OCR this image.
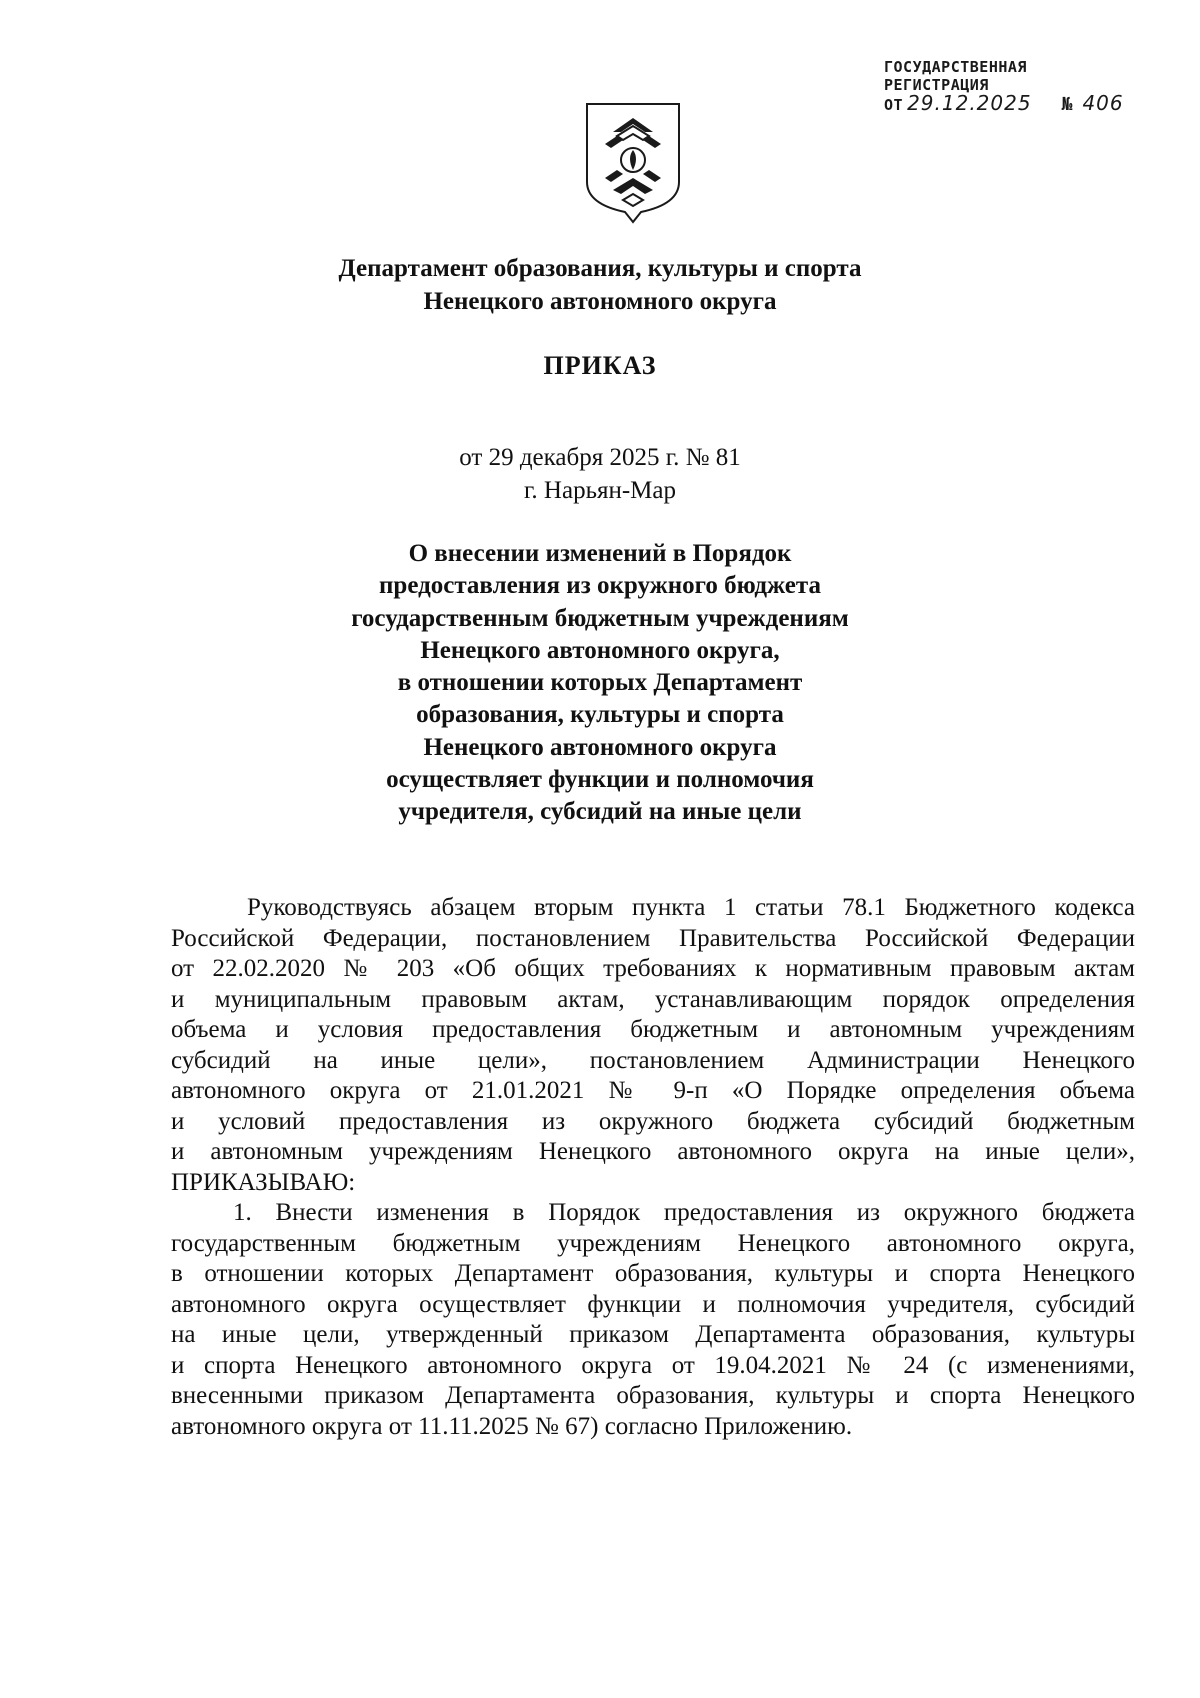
ГОСУДАРСТВЕННАЯ
РЕГИСТРАЦИЯ
ОТ 29.12.2025 № 406
Департамент образования, культуры и спорта
Ненецкого автономного округа
ПРИКАЗ
от 29 декабря 2025 г. № 81
г. Нарьян-Мар
О внесении изменений в Порядок
предоставления из окружного бюджета
государственным бюджетным учреждениям
Ненецкого автономного округа,
в отношении которых Департамент
образования, культуры и спорта
Ненецкого автономного округа
осуществляет функции и полномочия
учредителя, субсидий на иные цели
Руководствуясь абзацем вторым пункта 1 статьи 78.1 Бюджетного кодекса
Российской Федерации, постановлением Правительства Российской Федерации
от 22.02.2020 № 203 «Об общих требованиях к нормативным правовым актам
и муниципальным правовым актам, устанавливающим порядок определения
объема и условия предоставления бюджетным и автономным учреждениям
субсидий на иные цели», постановлением Администрации Ненецкого
автономного округа от 21.01.2021 № 9-п «О Порядке определения объема
и условий предоставления из окружного бюджета субсидий бюджетным
и автономным учреждениям Ненецкого автономного округа на иные цели»,

ПРИКАЗЫВАЮ:

1. Внести изменения в Порядок предоставления из окружного бюджета
государственным бюджетным учреждениям Ненецкого автономного округа,
в отношении которых Департамент образования, культуры и спорта Ненецкого
автономного округа осуществляет функции и полномочия учредителя, субсидий
на иные цели, утвержденный приказом Департамента образования, культуры
и спорта Ненецкого автономного округа от 19.04.2021 № 24 (с изменениями,
внесенными приказом Департамента образования, культуры и спорта Ненецкого
автономного округа от 11.11.2025 № 67) согласно Приложению.
